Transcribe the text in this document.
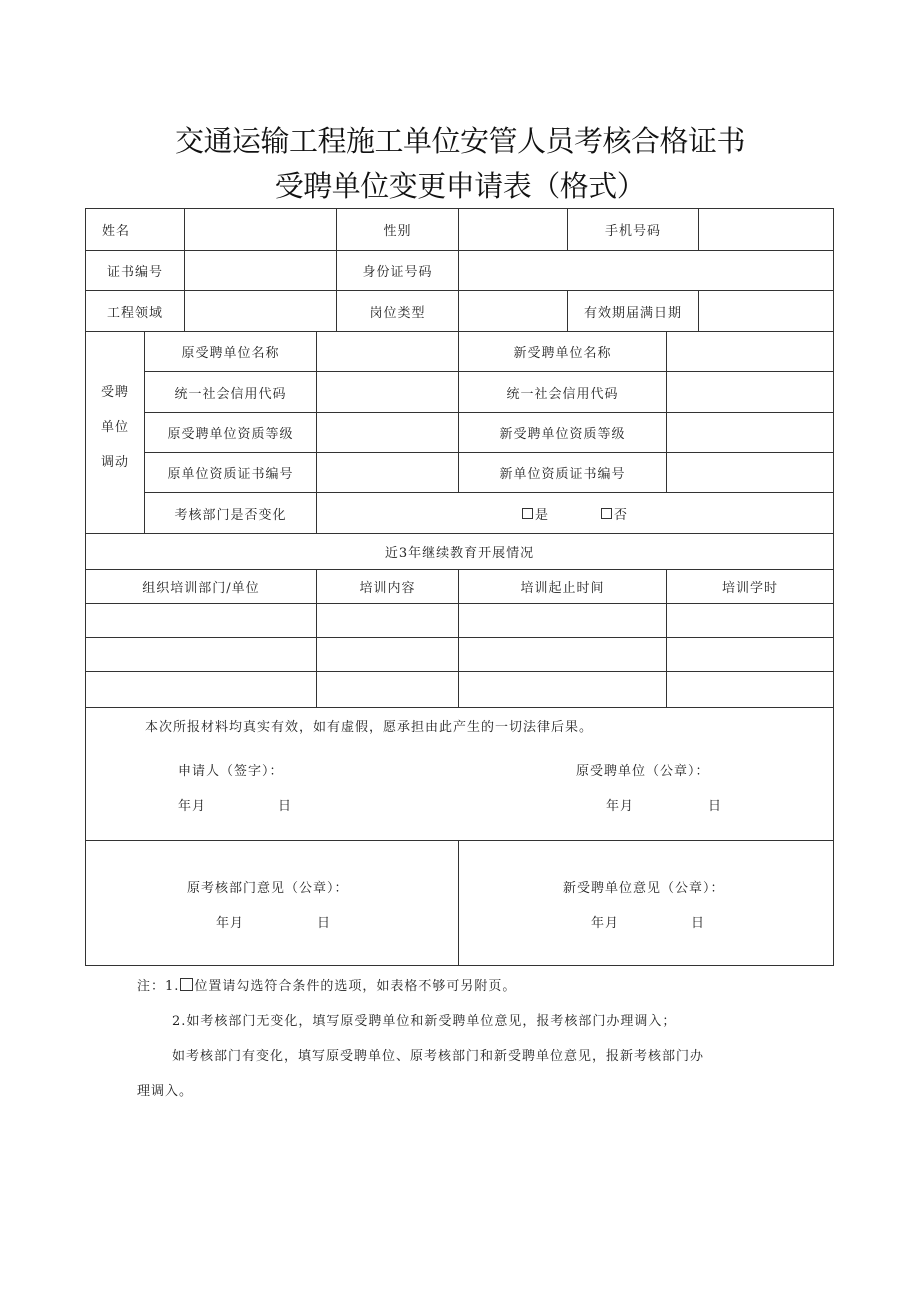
交通运输工程施工单位安管人员考核合格证书
受聘单位变更申请表（格式）
姓名	性别	手机号码
证书编号	身份证号码
工程领域	岗位类型	有效期届满日期
受聘
单位
调动
原受聘单位名称	新受聘单位名称
统一社会信用代码	统一社会信用代码
原受聘单位资质等级	新受聘单位资质等级
原单位资质证书编号	新单位资质证书编号
考核部门是否变化	是	否
近3年继续教育开展情况
组织培训部门/单位	培训内容	培训起止时间	培训学时
本次所报材料均真实有效，如有虚假，愿承担由此产生的一切法律后果。
申请人（签字）：	原受聘单位（公章）：
年月	日	年月	日
原考核部门意见（公章）：	新受聘单位意见（公章）：
年月	日	年月	日
注：1. 位置请勾选符合条件的选项，如表格不够可另附页。
2.如考核部门无变化，填写原受聘单位和新受聘单位意见，报考核部门办理调入；
如考核部门有变化，填写原受聘单位、原考核部门和新受聘单位意见，报新考核部门办
理调入。
